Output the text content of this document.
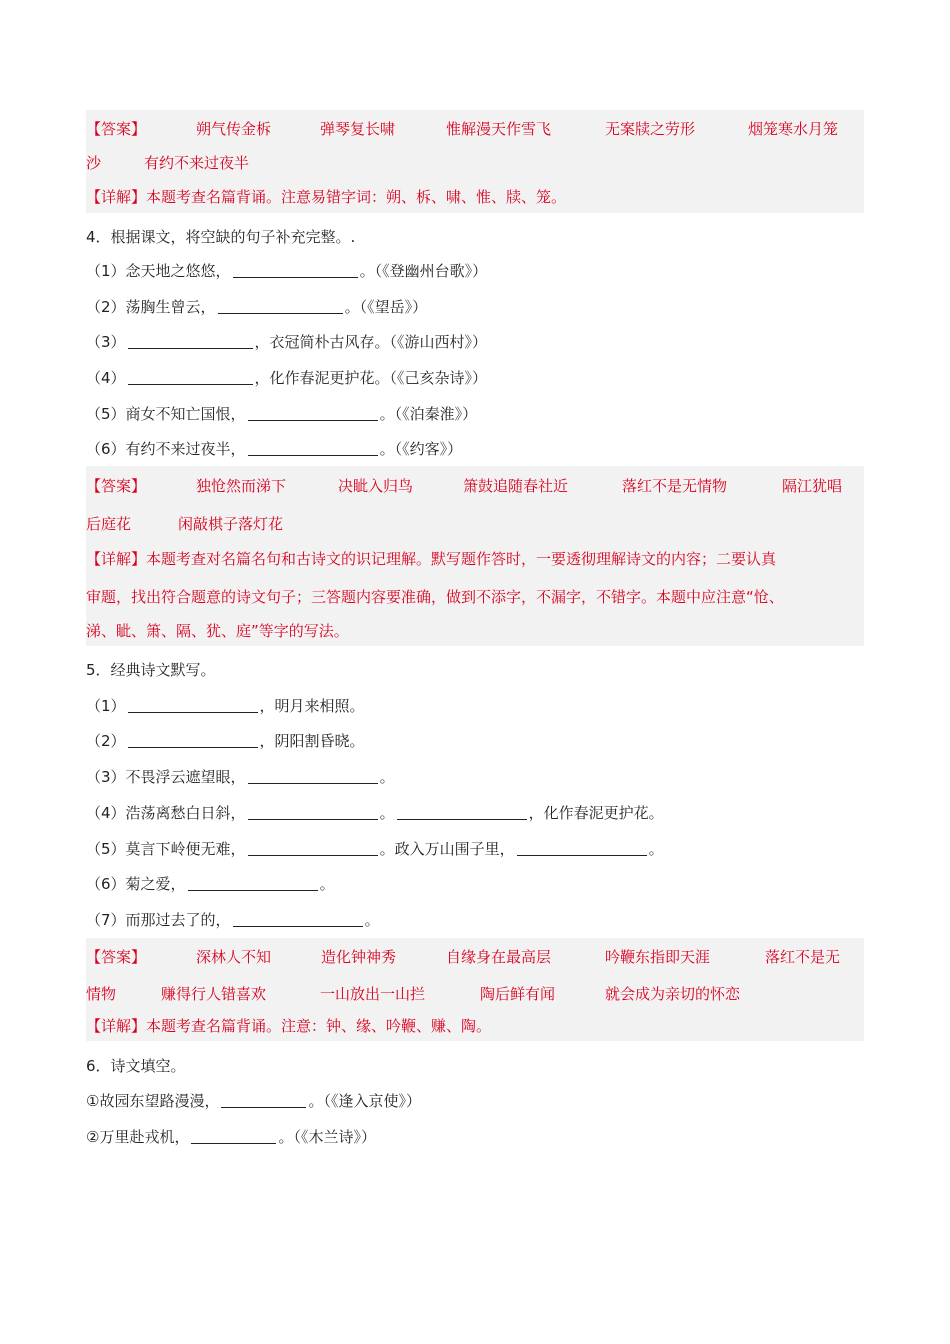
【答案】	朔气传金柝	弹琴复长啸	惟解漫天作雪飞	无案牍之劳形	烟笼寒水月笼
沙	有约不来过夜半
【详解】本题考查名篇背诵。注意易错字词：朔、柝、啸、惟、牍、笼。
4．根据课文，将空缺的句子补充完整。.
（1）念天地之悠悠，	。（《登幽州台歌》）
（2）荡胸生曾云，	。（《望岳》）
（3）	，衣冠简朴古风存。（《游山西村》）
（4）	，化作春泥更护花。（《己亥杂诗》）
（5）商女不知亡国恨，	。（《泊秦淮》）
（6）有约不来过夜半，	。（《约客》）
【答案】	独怆然而涕下	决眦入归鸟	箫鼓追随春社近	落红不是无情物	隔江犹唱
后庭花	闲敲棋子落灯花
【详解】本题考查对名篇名句和古诗文的识记理解。默写题作答时，一要透彻理解诗文的内容；二要认真
审题，找出符合题意的诗文句子；三答题内容要准确，做到不添字，不漏字，不错字。本题中应注意“怆、
涕、眦、箫、隔、犹、庭”等字的写法。
5．经典诗文默写。
（1）	，明月来相照。
（2）	，阴阳割昏晓。
（3）不畏浮云遮望眼，	。
（4）浩荡离愁白日斜，	。	，化作春泥更护花。
（5）莫言下岭便无难，	。政入万山围子里，	。
（6）菊之爱，	。
（7）而那过去了的，	。
【答案】	深林人不知	造化钟神秀	自缘身在最高层	吟鞭东指即天涯	落红不是无
情物	赚得行人错喜欢	一山放出一山拦	陶后鲜有闻	就会成为亲切的怀恋
【详解】本题考查名篇背诵。注意：钟、缘、吟鞭、赚、陶。
6．诗文填空。
①故园东望路漫漫，	。（《逢入京使》）
②万里赴戎机，	。（《木兰诗》）
